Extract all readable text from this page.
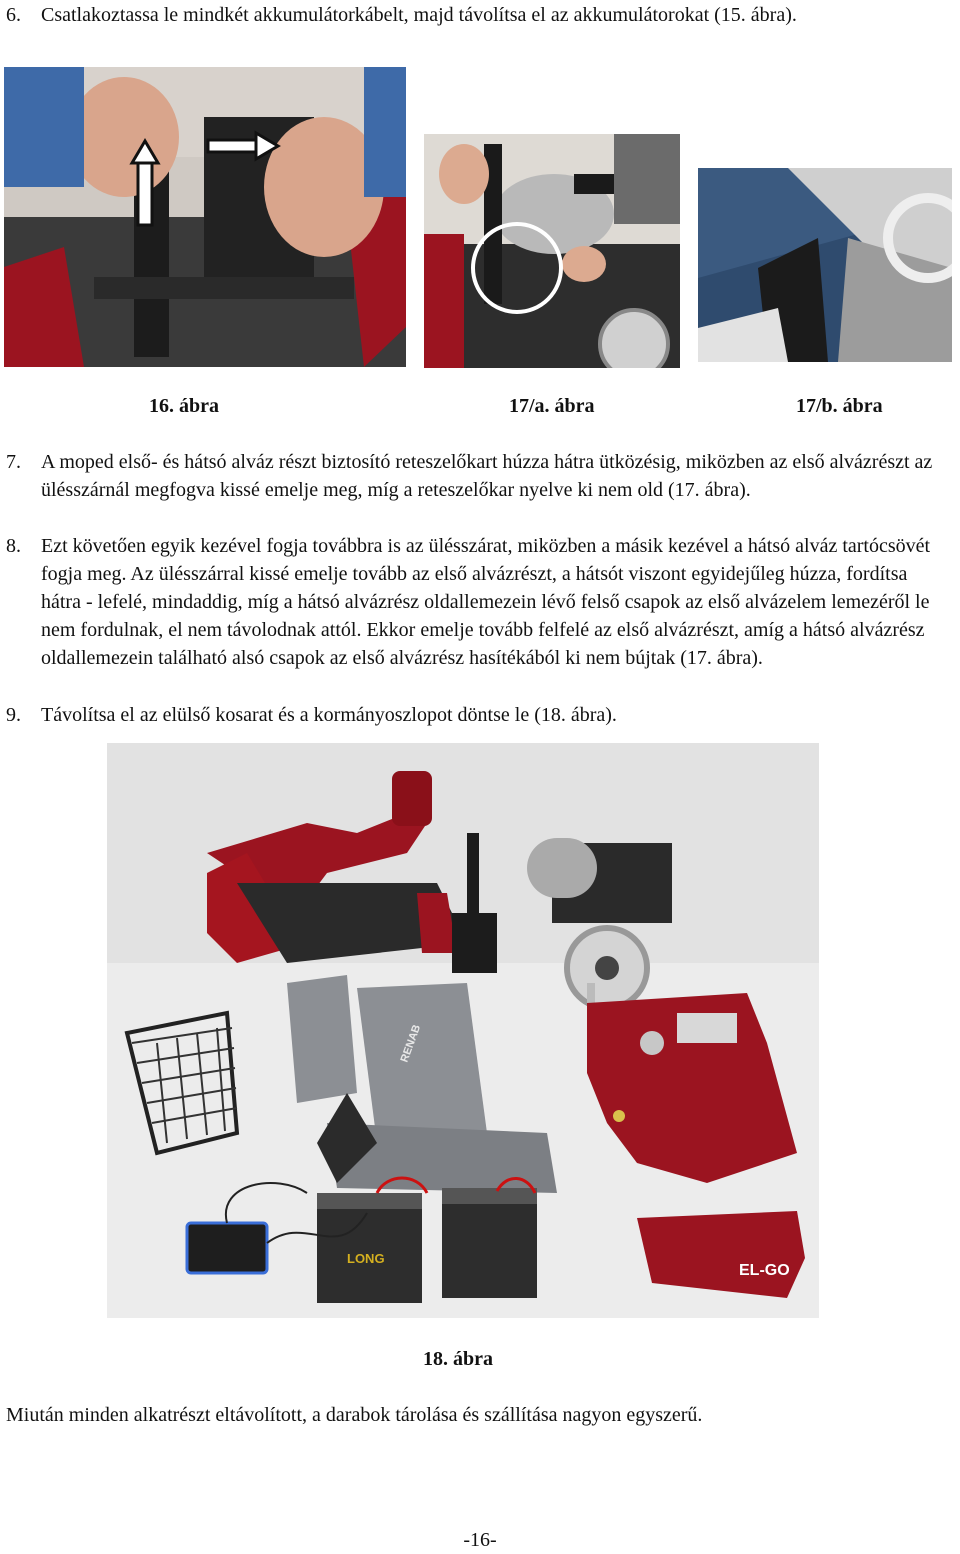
6. Csatlakoztassa le mindkét akkumulátorkábelt, majd távolítsa el az akkumulátorokat (15. ábra).
16. ábra	17/a. ábra	17/b. ábra
7. A moped első- és hátsó alváz részt biztosító reteszelőkart húzza hátra ütközésig, miközben az első alvázrészt az ülésszárnál megfogva kissé emelje meg, míg a reteszelőkar nyelve ki nem old (17. ábra).
8. Ezt követően egyik kezével fogja továbbra is az ülésszárat, miközben a másik kezével a hátsó alváz tartócsövét fogja meg. Az ülésszárral kissé emelje tovább az első alvázrészt, a hátsót viszont egyidejűleg húzza, fordítsa hátra - lefelé, mindaddig, míg a hátsó alvázrész oldallemezein lévő felső csapok az első alvázelem lemezéről le nem fordulnak, el nem távolodnak attól. Ekkor emelje tovább felfelé az első alvázrészt, amíg a hátsó alvázrész oldallemezein található alsó csapok az első alvázrész hasítékából ki nem bújtak (17. ábra).
9. Távolítsa el az elülső kosarat és a kormányoszlopot döntse le (18. ábra).
LONG
EL-GO
RENAB
18. ábra
Miután minden alkatrészt eltávolított, a darabok tárolása és szállítása nagyon egyszerű.
-16-
